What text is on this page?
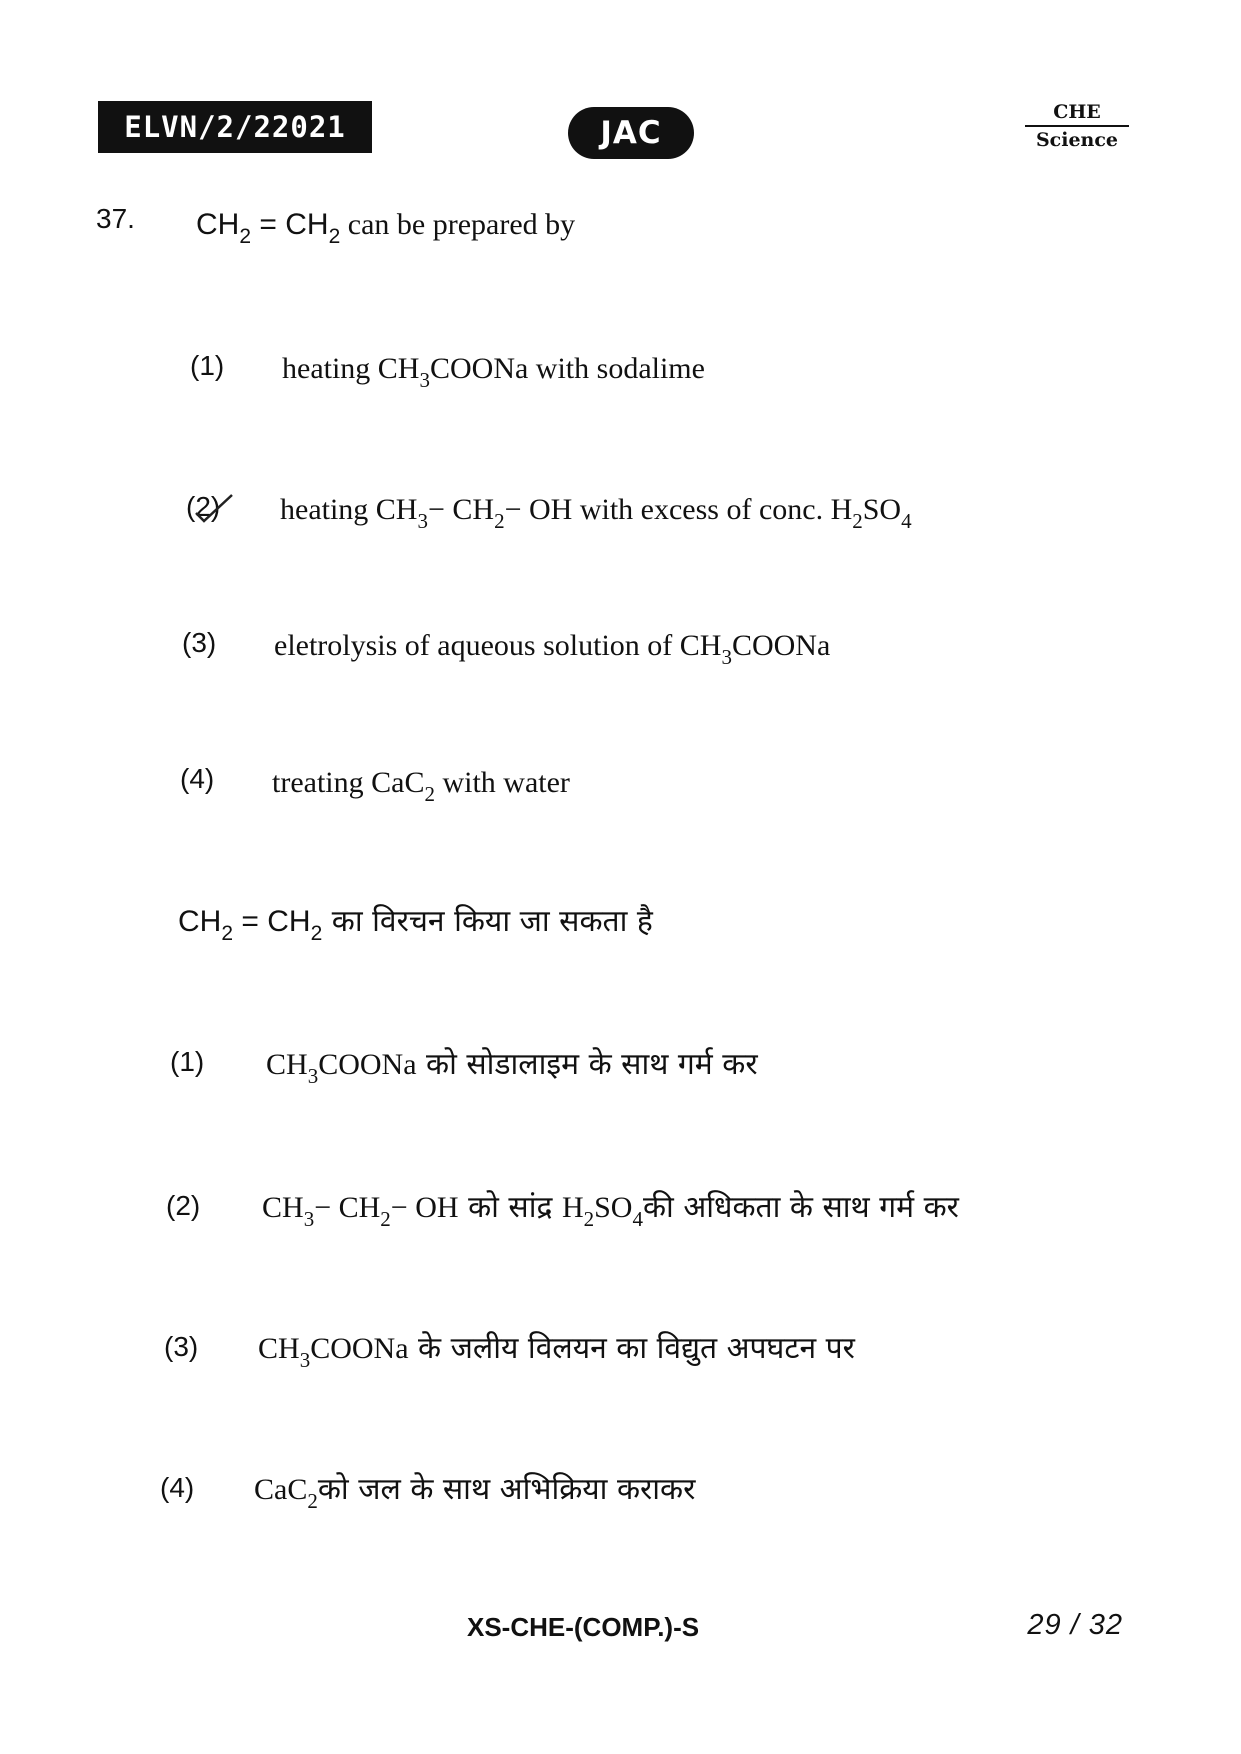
ELVN/2/22021	JAC
CHE
Science
37. $CH_2 = CH_2$ can be prepared by
(1) heating $CH_3COONa$ with sodalime
(2) heating $CH_3- CH_2-$ OH with excess of conc. $H_2SO_4$
(3) eletrolysis of aqueous solution of $CH_3COONa$
(4) treating CaC$_2$ with water
$CH_2 = CH_2$ का विरचन किया जा सकता है
(1) $CH_3COONa$ को सोडालाइम के साथ गर्म कर
(2) $CH_3- CH_2-$ OH को सांद्र $H_2SO_4की$ अधिकता के साथ गर्म कर
(3) $CH_3COONa$ के जलीय विलयन का विद्युत अपघटन पर
(4) CaC$_2$को जल के साथ अभिक्रिया कराकर
XS-CHE-(COMP.)-S	29 / 32
